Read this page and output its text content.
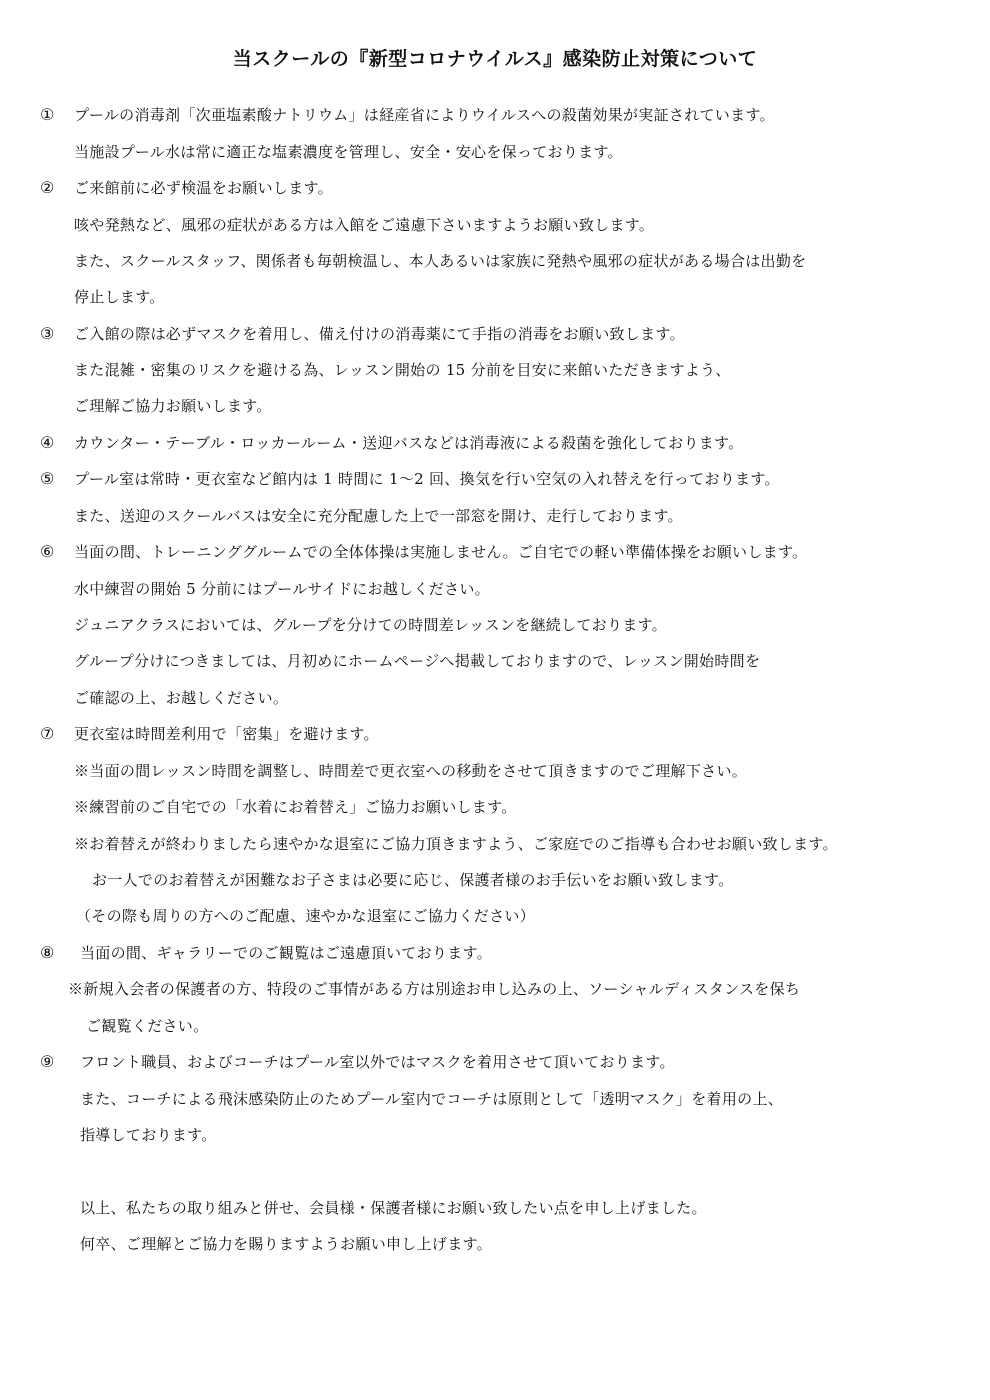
当スクールの『新型コロナウイルス』感染防止対策について
① プールの消毒剤「次亜塩素酸ナトリウム」は経産省によりウイルスへの殺菌効果が実証されています。
当施設プール水は常に適正な塩素濃度を管理し、安全・安心を保っております。
② ご来館前に必ず検温をお願いします。
咳や発熱など、風邪の症状がある方は入館をご遠慮下さいますようお願い致します。
また、スクールスタッフ、関係者も毎朝検温し、本人あるいは家族に発熱や風邪の症状がある場合は出勤を
停止します。
③ ご入館の際は必ずマスクを着用し、備え付けの消毒薬にて手指の消毒をお願い致します。
また混雑・密集のリスクを避ける為、レッスン開始の 15 分前を目安に来館いただきますよう、
ご理解ご協力お願いします。
④ カウンター・テーブル・ロッカールーム・送迎バスなどは消毒液による殺菌を強化しております。
⑤ プール室は常時・更衣室など館内は 1 時間に 1～2 回、換気を行い空気の入れ替えを行っております。
また、送迎のスクールバスは安全に充分配慮した上で一部窓を開け、走行しております。
⑥ 当面の間、トレーニンググルームでの全体体操は実施しません。ご自宅での軽い準備体操をお願いします。
水中練習の開始 5 分前にはプールサイドにお越しください。
ジュニアクラスにおいては、グループを分けての時間差レッスンを継続しております。
グループ分けにつきましては、月初めにホームページへ掲載しておりますので、レッスン開始時間を
ご確認の上、お越しください。
⑦ 更衣室は時間差利用で「密集」を避けます。
※当面の間レッスン時間を調整し、時間差で更衣室への移動をさせて頂きますのでご理解下さい。
※練習前のご自宅での「水着にお着替え」ご協力お願いします。
※お着替えが終わりましたら速やかな退室にご協力頂きますよう、ご家庭でのご指導も合わせお願い致します。
お一人でのお着替えが困難なお子さまは必要に応じ、保護者様のお手伝いをお願い致します。
（その際も周りの方へのご配慮、速やかな退室にご協力ください）
⑧ 当面の間、ギャラリーでのご観覧はご遠慮頂いております。
※新規入会者の保護者の方、特段のご事情がある方は別途お申し込みの上、ソーシャルディスタンスを保ち
ご観覧ください。
⑨ フロント職員、およびコーチはプール室以外ではマスクを着用させて頂いております。
また、コーチによる飛沫感染防止のためプール室内でコーチは原則として「透明マスク」を着用の上、
指導しております。
以上、私たちの取り組みと併せ、会員様・保護者様にお願い致したい点を申し上げました。
何卒、ご理解とご協力を賜りますようお願い申し上げます。
